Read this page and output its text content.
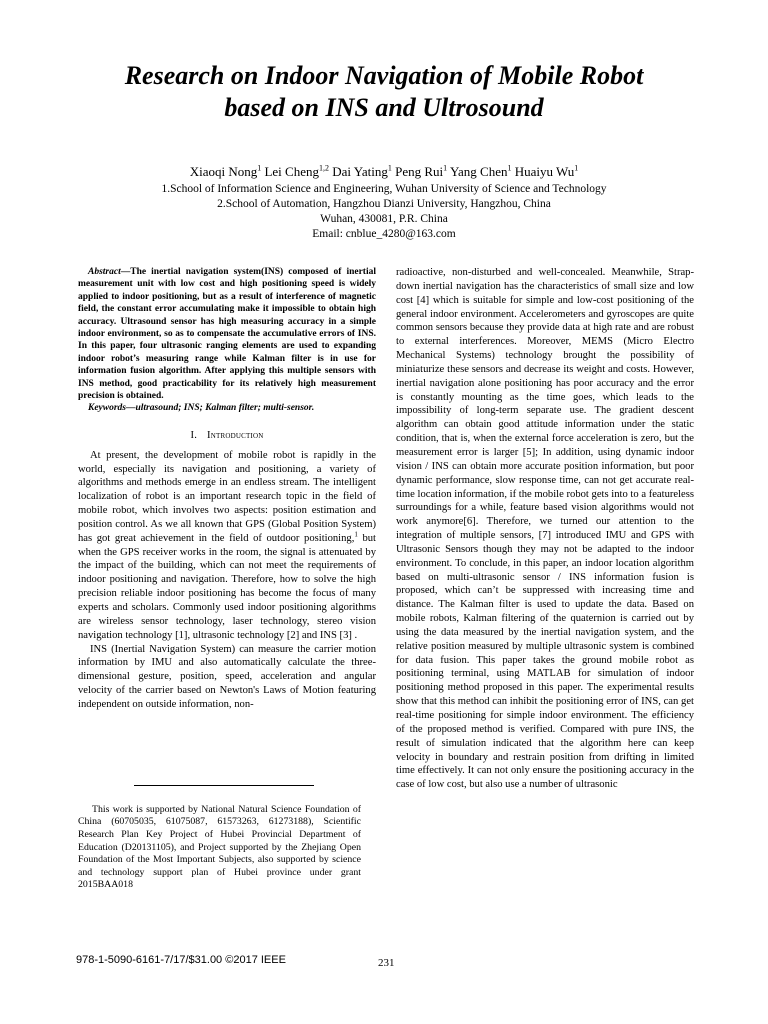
Research on Indoor Navigation of Mobile Robot
based on INS and Ultrosound
Xiaoqi Nong$^1$ Lei Cheng$^{1,2}$ Dai Yating$^1$ Peng Rui$^1$ Yang Chen$^1$ Huaiyu Wu$^1$
1.School of Information Science and Engineering, Wuhan University of Science and Technology
2.School of Automation, Hangzhou Dianzi University, Hangzhou, China
Wuhan, 430081, P.R. China
Email: cnblue_4280@163.com

Abstract—The inertial navigation system(INS) composed of inertial measurement unit with low cost and high positioning speed is widely applied to indoor positioning, but as a result of interference of magnetic field, the constant error accumulating make it impossible to obtain high accuracy. Ultrasound sensor has high measuring accuracy in a simple indoor environment, so as to compensate the accumulative errors of INS. In this paper, four ultrasonic ranging elements are used to expanding indoor robot’s measuring range while Kalman filter is in use for information fusion algorithm. After applying this multiple sensors with INS method, good practicability for its relatively high measurement precision is obtained.

Keywords—ultrasound; INS; Kalman filter; multi-sensor.

I. Introduction

At present, the development of mobile robot is rapidly in the world, especially its navigation and positioning, a variety of algorithms and methods emerge in an endless stream. The intelligent localization of robot is an important research topic in the field of mobile robot, which involves two aspects: position estimation and position control. As we all known that GPS (Global Position System) has got great achievement in the field of outdoor positioning,$^1$ but when the GPS receiver works in the room, the signal is attenuated by the impact of the building, which can not meet the requirements of indoor positioning and navigation. Therefore, how to solve the high precision reliable indoor positioning has become the focus of many experts and scholars. Commonly used indoor positioning algorithms are wireless sensor technology, laser technology, stereo vision navigation technology [1], ultrasonic technology [2] and INS [3] .

INS (Inertial Navigation System) can measure the carrier motion information by IMU and also automatically calculate the three-dimensional gesture, position, speed, acceleration and angular velocity of the carrier based on Newton's Laws of Motion featuring independent on outside information, non-

This work is supported by National Natural Science Foundation of China (60705035, 61075087, 61573263, 61273188), Scientific Research Plan Key Project of Hubei Provincial Department of Education (D20131105), and Project supported by the Zhejiang Open Foundation of the Most Important Subjects, also supported by science and technology support plan of Hubei province under grant 2015BAA018

radioactive, non-disturbed and well-concealed. Meanwhile, Strap-down inertial navigation has the characteristics of small size and low cost [4] which is suitable for simple and low-cost positioning of the general indoor environment. Accelerometers and gyroscopes are quite common sensors because they provide data at high rate and are robust to external interferences. Moreover, MEMS (Micro Electro Mechanical Systems) technology brought the possibility of miniaturize these sensors and decrease its weight and costs. However, inertial navigation alone positioning has poor accuracy and the error is constantly mounting as the time goes, which leads to the impossibility of long-term separate use. The gradient descent algorithm can obtain good attitude information under the static condition, that is, when the external force acceleration is zero, but the measurement error is larger [5]; In addition, using dynamic indoor vision / INS can obtain more accurate position information, but poor dynamic performance, slow response time, can not get accurate real-time location information, if the mobile robot gets into to a featureless surroundings for a while, feature based vision algorithms would not work anymore[6]. Therefore, we turned our attention to the integration of multiple sensors, [7] introduced IMU and GPS with Ultrasonic Sensors though they may not be adapted to the indoor environment. To conclude, in this paper, an indoor location algorithm based on multi-ultrasonic sensor / INS information fusion is proposed, which can’t be suppressed with increasing time and distance. The Kalman filter is used to update the data. Based on mobile robots, Kalman filtering of the quaternion is carried out by using the data measured by the inertial navigation system, and the relative position measured by multiple ultrasonic system is combined for data fusion. This paper takes the ground mobile robot as positioning terminal, using MATLAB for simulation of indoor positioning method proposed in this paper. The experimental results show that this method can inhibit the positioning error of INS, can get real-time positioning for simple indoor environment. The efficiency of the proposed method is verified. Compared with pure INS, the result of simulation indicated that the algorithm here can keep velocity in boundary and restrain position from drifting in limited time effectively. It can not only ensure the positioning accuracy in the case of low cost, but also use a number of ultrasonic

978-1-5090-6161-7/17/$31.00 ©2017 IEEE	231
